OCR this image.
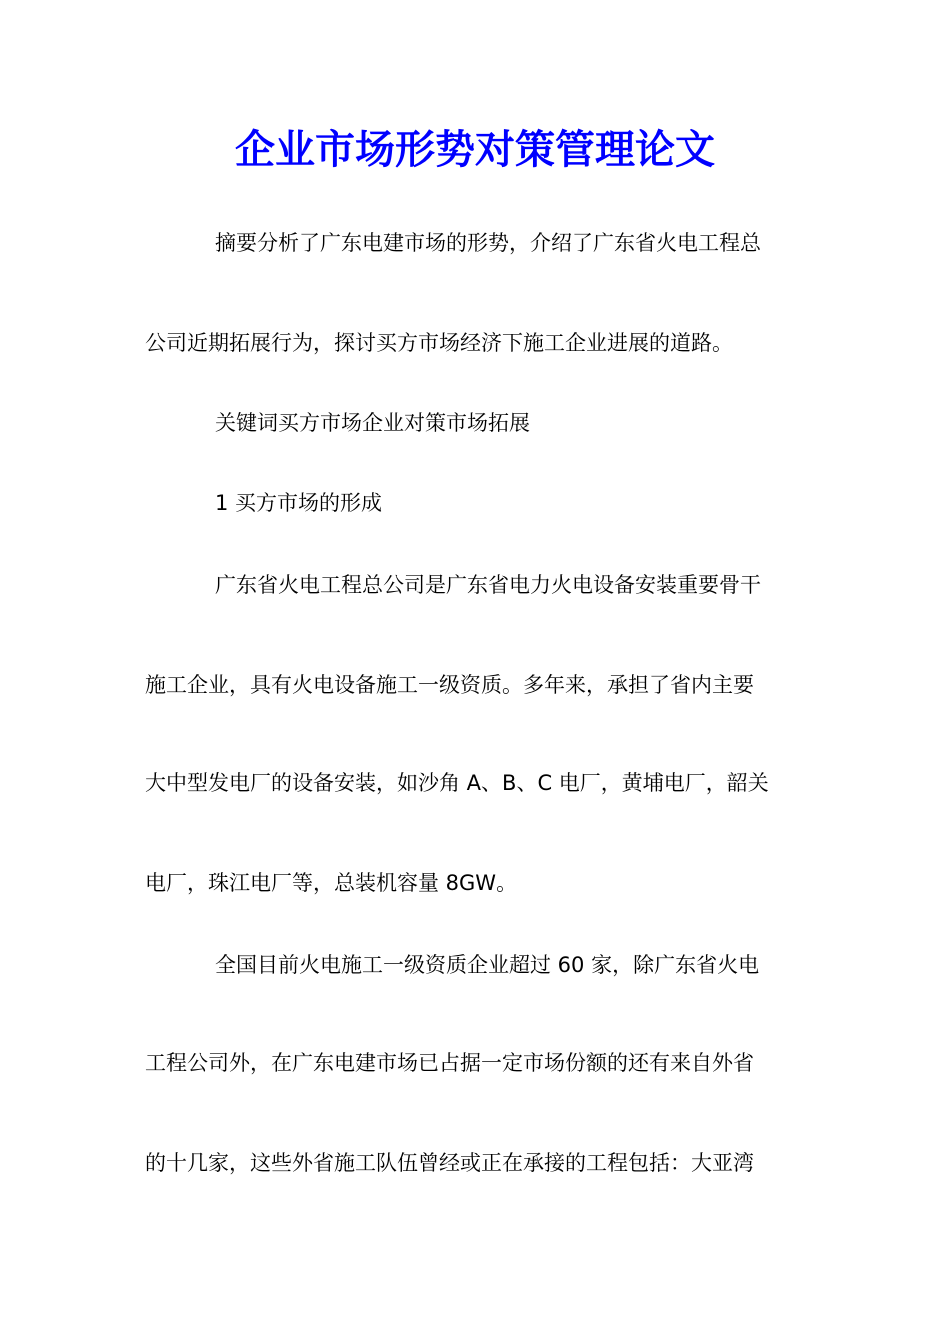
企业市场形势对策管理论文
摘要分析了广东电建市场的形势，介绍了广东省火电工程总
公司近期拓展行为，探讨买方市场经济下施工企业进展的道路。
关键词买方市场企业对策市场拓展
1 买方市场的形成
广东省火电工程总公司是广东省电力火电设备安装重要骨干
施工企业，具有火电设备施工一级资质。多年来，承担了省内主要
大中型发电厂的设备安装，如沙角 A、B、C 电厂，黄埔电厂，韶关
电厂，珠江电厂等，总装机容量 8GW。
全国目前火电施工一级资质企业超过 60 家，除广东省火电
工程公司外，在广东电建市场已占据一定市场份额的还有来自外省
的十几家，这些外省施工队伍曾经或正在承接的工程包括：大亚湾
